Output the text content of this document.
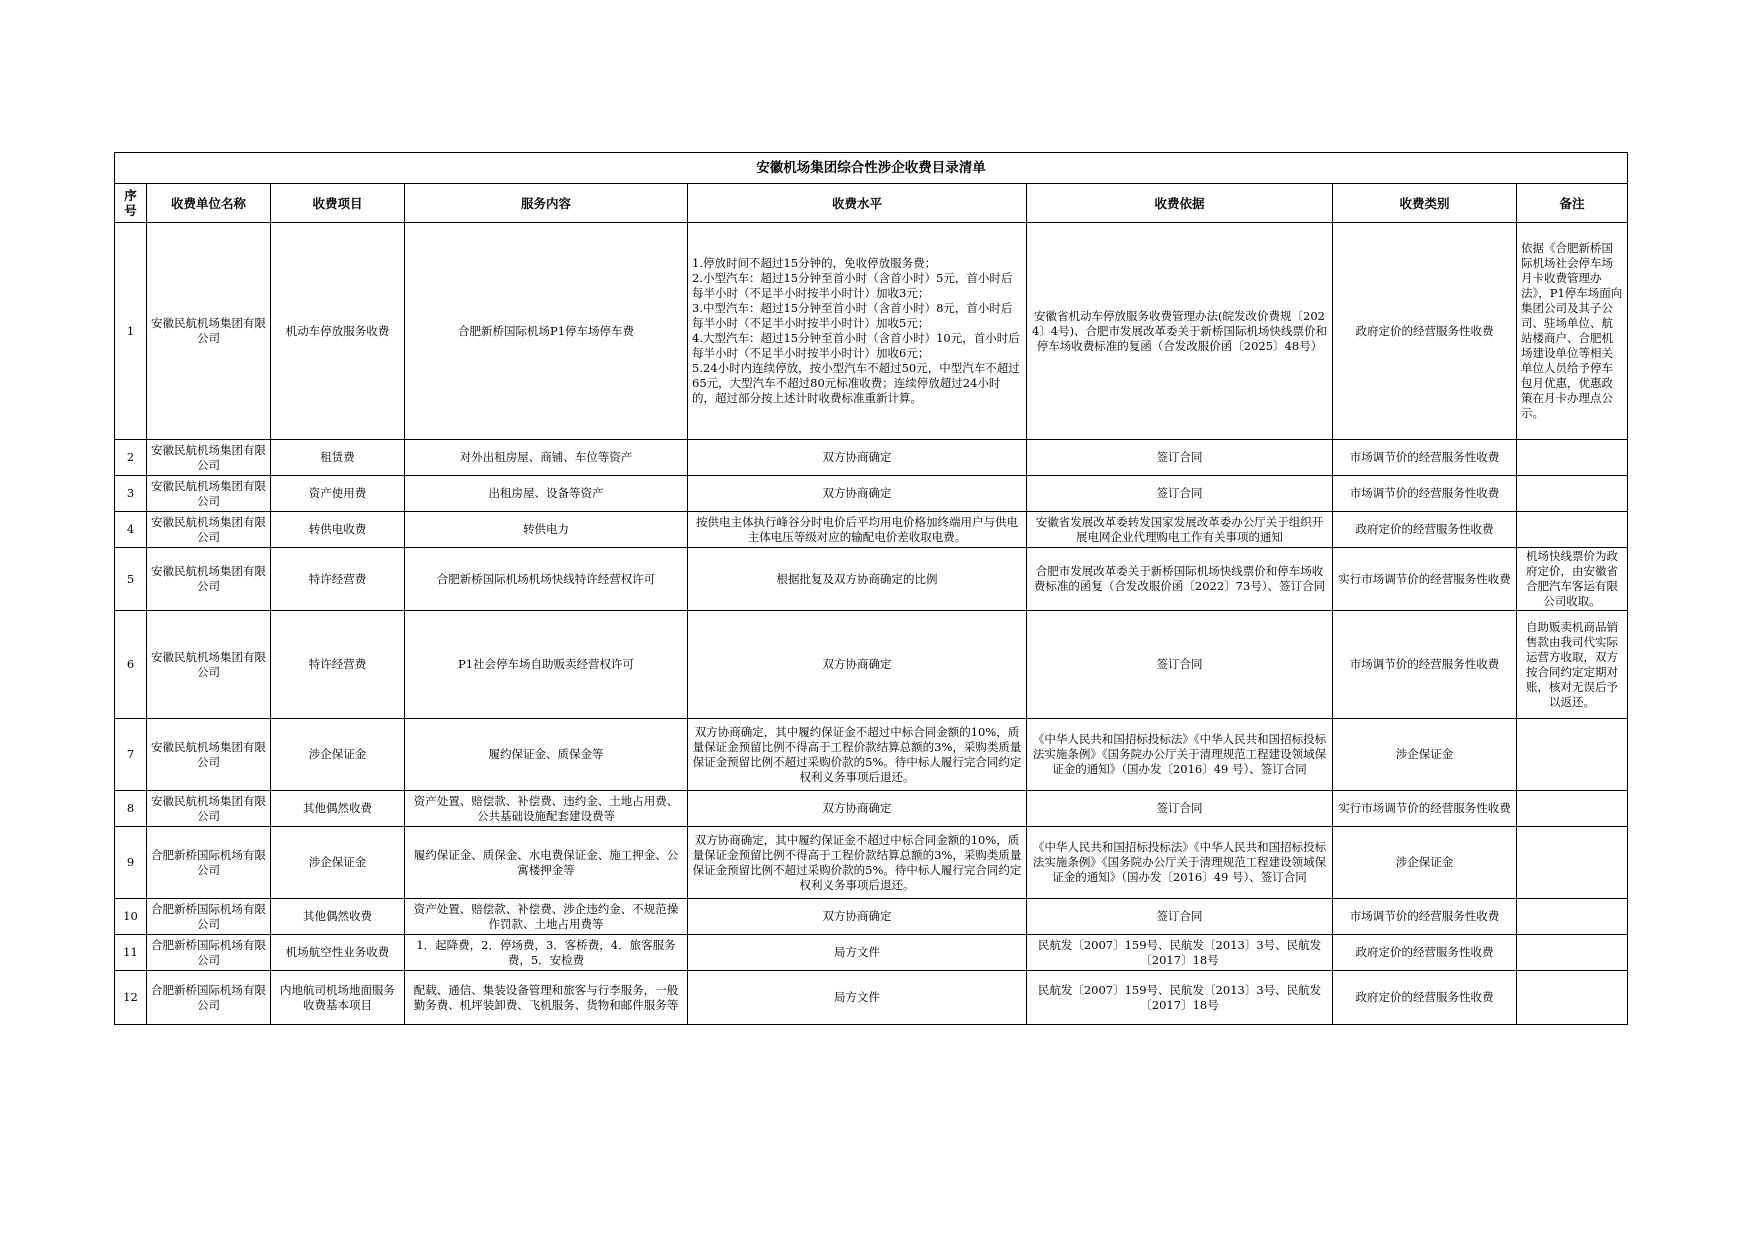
安徽机场集团综合性涉企收费目录清单							
序号	收费单位名称	收费项目	服务内容	收费水平	收费依据	收费类别	备注
1	安徽民航机场集团有限公司	机动车停放服务收费	合肥新桥国际机场P1停车场停车费	1.停放时间不超过15分钟的，免收停放服务费；
2.小型汽车：超过15分钟至首小时（含首小时）5元，首小时后每半小时（不足半小时按半小时计）加收3元；
3.中型汽车：超过15分钟至首小时（含首小时）8元，首小时后每半小时（不足半小时按半小时计）加收5元；
4.大型汽车：超过15分钟至首小时（含首小时）10元，首小时后每半小时（不足半小时按半小时计）加收6元；
5.24小时内连续停放，按小型汽车不超过50元，中型汽车不超过65元，大型汽车不超过80元标准收费；连续停放超过24小时的，超过部分按上述计时收费标准重新计算。	安徽省机动车停放服务收费管理办法(皖发改价费规〔2024〕4号)、合肥市发展改革委关于新桥国际机场快线票价和停车场收费标准的复函（合发改服价函〔2025〕48号）	政府定价的经营服务性收费	依据《合肥新桥国际机场社会停车场月卡收费管理办法》，P1停车场面向集团公司及其子公司、驻场单位、航站楼商户、合肥机场建设单位等相关单位人员给予停车包月优惠，优惠政策在月卡办理点公示。
2	安徽民航机场集团有限公司	租赁费	对外出租房屋、商铺、车位等资产	双方协商确定	签订合同	市场调节价的经营服务性收费	
3	安徽民航机场集团有限公司	资产使用费	出租房屋、设备等资产	双方协商确定	签订合同	市场调节价的经营服务性收费	
4	安徽民航机场集团有限公司	转供电收费	转供电力	按供电主体执行峰谷分时电价后平均用电价格加终端用户与供电主体电压等级对应的输配电价差收取电费。	安徽省发展改革委转发国家发展改革委办公厅关于组织开展电网企业代理购电工作有关事项的通知	政府定价的经营服务性收费	
5	安徽民航机场集团有限公司	特许经营费	合肥新桥国际机场机场快线特许经营权许可	根据批复及双方协商确定的比例	合肥市发展改革委关于新桥国际机场快线票价和停车场收费标准的函复（合发改服价函〔2022〕73号）、签订合同	实行市场调节价的经营服务性收费	机场快线票价为政府定价，由安徽省合肥汽车客运有限公司收取。
6	安徽民航机场集团有限公司	特许经营费	P1社会停车场自助贩卖经营权许可	双方协商确定	签订合同	市场调节价的经营服务性收费	自助贩卖机商品销售款由我司代实际运营方收取，双方按合同约定定期对账，核对无误后予以返还。
7	安徽民航机场集团有限公司	涉企保证金	履约保证金、质保金等	双方协商确定，其中履约保证金不超过中标合同金额的10%，质量保证金预留比例不得高于工程价款结算总额的3%，采购类质量保证金预留比例不超过采购价款的5%。待中标人履行完合同约定权利义务事项后退还。	《中华人民共和国招标投标法》《中华人民共和国招标投标法实施条例》《国务院办公厅关于清理规范工程建设领域保证金的通知》（国办发〔2016〕49 号）、签订合同	涉企保证金	
8	安徽民航机场集团有限公司	其他偶然收费	资产处置、赔偿款、补偿费、违约金、土地占用费、公共基础设施配套建设费等	双方协商确定	签订合同	实行市场调节价的经营服务性收费	
9	合肥新桥国际机场有限公司	涉企保证金	履约保证金、质保金、水电费保证金、施工押金、公寓楼押金等	双方协商确定，其中履约保证金不超过中标合同金额的10%，质量保证金预留比例不得高于工程价款结算总额的3%，采购类质量保证金预留比例不超过采购价款的5%。待中标人履行完合同约定权利义务事项后退还。	《中华人民共和国招标投标法》《中华人民共和国招标投标法实施条例》《国务院办公厅关于清理规范工程建设领域保证金的通知》（国办发〔2016〕49 号）、签订合同	涉企保证金	
10	合肥新桥国际机场有限公司	其他偶然收费	资产处置、赔偿款、补偿费、涉企违约金、不规范操作罚款、土地占用费等	双方协商确定	签订合同	市场调节价的经营服务性收费	
11	合肥新桥国际机场有限公司	机场航空性业务收费	1．起降费，2．停场费，3．客桥费，4．旅客服务费，5．安检费	局方文件	民航发〔2007〕159号、民航发〔2013〕3号、民航发〔2017〕18号	政府定价的经营服务性收费	
12	合肥新桥国际机场有限公司	内地航司机场地面服务收费基本项目	配载、通信、集装设备管理和旅客与行李服务，一般勤务费、机坪装卸费、飞机服务、货物和邮件服务等	局方文件	民航发〔2007〕159号、民航发〔2013〕3号、民航发〔2017〕18号	政府定价的经营服务性收费	
